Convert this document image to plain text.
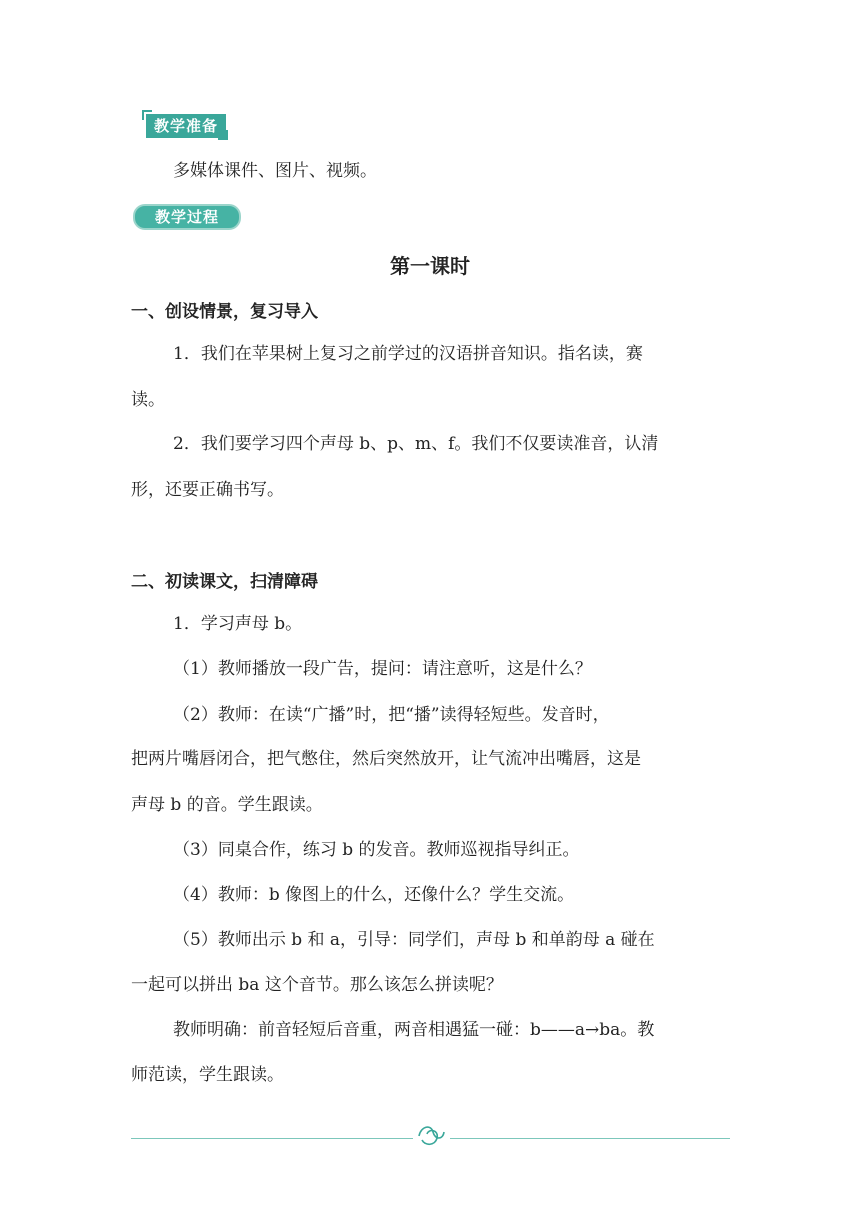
教学准备
多媒体课件、图片、视频。
教学过程
第一课时
一、创设情景，复习导入
1．我们在苹果树上复习之前学过的汉语拼音知识。指名读，赛
读。
2．我们要学习四个声母 b、p、m、f。我们不仅要读准音，认清
形，还要正确书写。
二、初读课文，扫清障碍
1．学习声母 b。
（1）教师播放一段广告，提问：请注意听，这是什么？
（2）教师：在读“广播”时，把“播”读得轻短些。发音时，
把两片嘴唇闭合，把气憋住，然后突然放开，让气流冲出嘴唇，这是
声母 b 的音。学生跟读。
（3）同桌合作，练习 b 的发音。教师巡视指导纠正。
（4）教师：b 像图上的什么，还像什么？学生交流。
（5）教师出示 b 和 a，引导：同学们，声母 b 和单韵母 a 碰在
一起可以拼出 ba 这个音节。那么该怎么拼读呢？
教师明确：前音轻短后音重，两音相遇猛一碰：b——a→ba。教
师范读，学生跟读。
